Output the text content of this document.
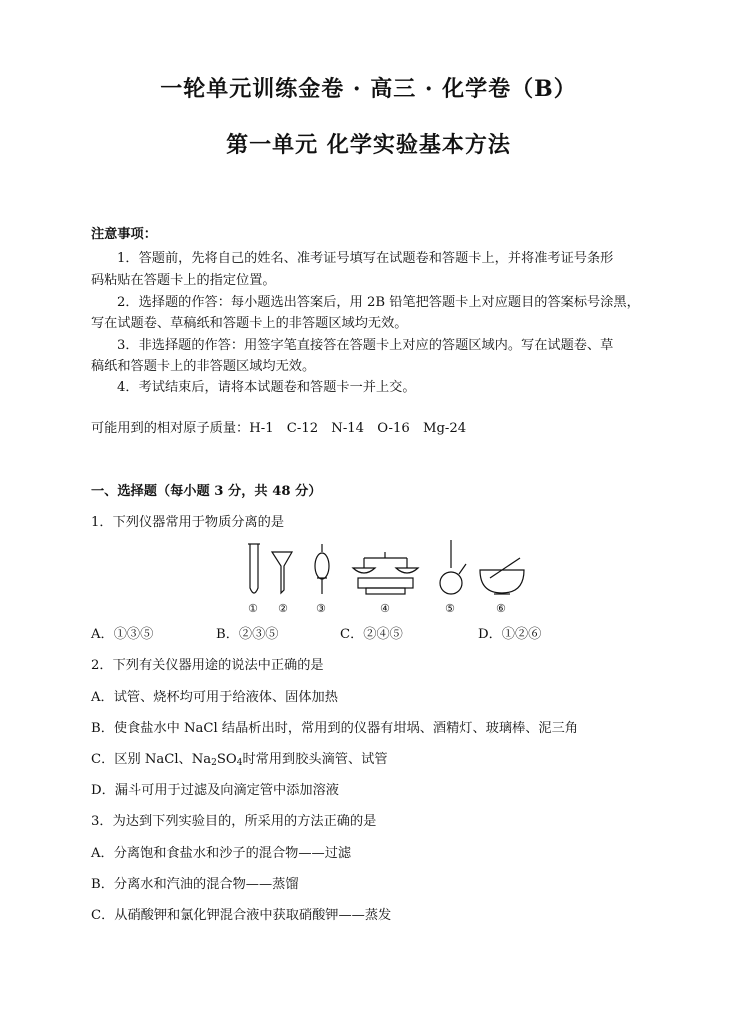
一轮单元训练金卷 · 高三 · 化学卷（B）
第一单元 化学实验基本方法
注意事项：
1．答题前，先将自己的姓名、准考证号填写在试题卷和答题卡上，并将准考证号条形
码粘贴在答题卡上的指定位置。
2．选择题的作答：每小题选出答案后，用 2B 铅笔把答题卡上对应题目的答案标号涂黑，
写在试题卷、草稿纸和答题卡上的非答题区域均无效。
3．非选择题的作答：用签字笔直接答在答题卡上对应的答题区域内。写在试题卷、草
稿纸和答题卡上的非答题区域均无效。
4．考试结束后，请将本试题卷和答题卡一并上交。
可能用到的相对原子质量：H-1　C-12　N-14　O-16　Mg-24
一、选择题（每小题 3 分，共 48 分）
1．下列仪器常用于物质分离的是
① ②	③	④	⑤	⑥
A．①③⑤	B．②③⑤	C．②④⑤	D．①②⑥
2．下列有关仪器用途的说法中正确的是
A．试管、烧杯均可用于给液体、固体加热
B．使食盐水中 NaCl 结晶析出时，常用到的仪器有坩埚、酒精灯、玻璃棒、泥三角
C．区别 NaCl、$Na_2SO_4$时常用到胶头滴管、试管
D．漏斗可用于过滤及向滴定管中添加溶液
3．为达到下列实验目的，所采用的方法正确的是
A．分离饱和食盐水和沙子的混合物——过滤
B．分离水和汽油的混合物——蒸馏
C．从硝酸钾和氯化钾混合液中获取硝酸钾——蒸发
